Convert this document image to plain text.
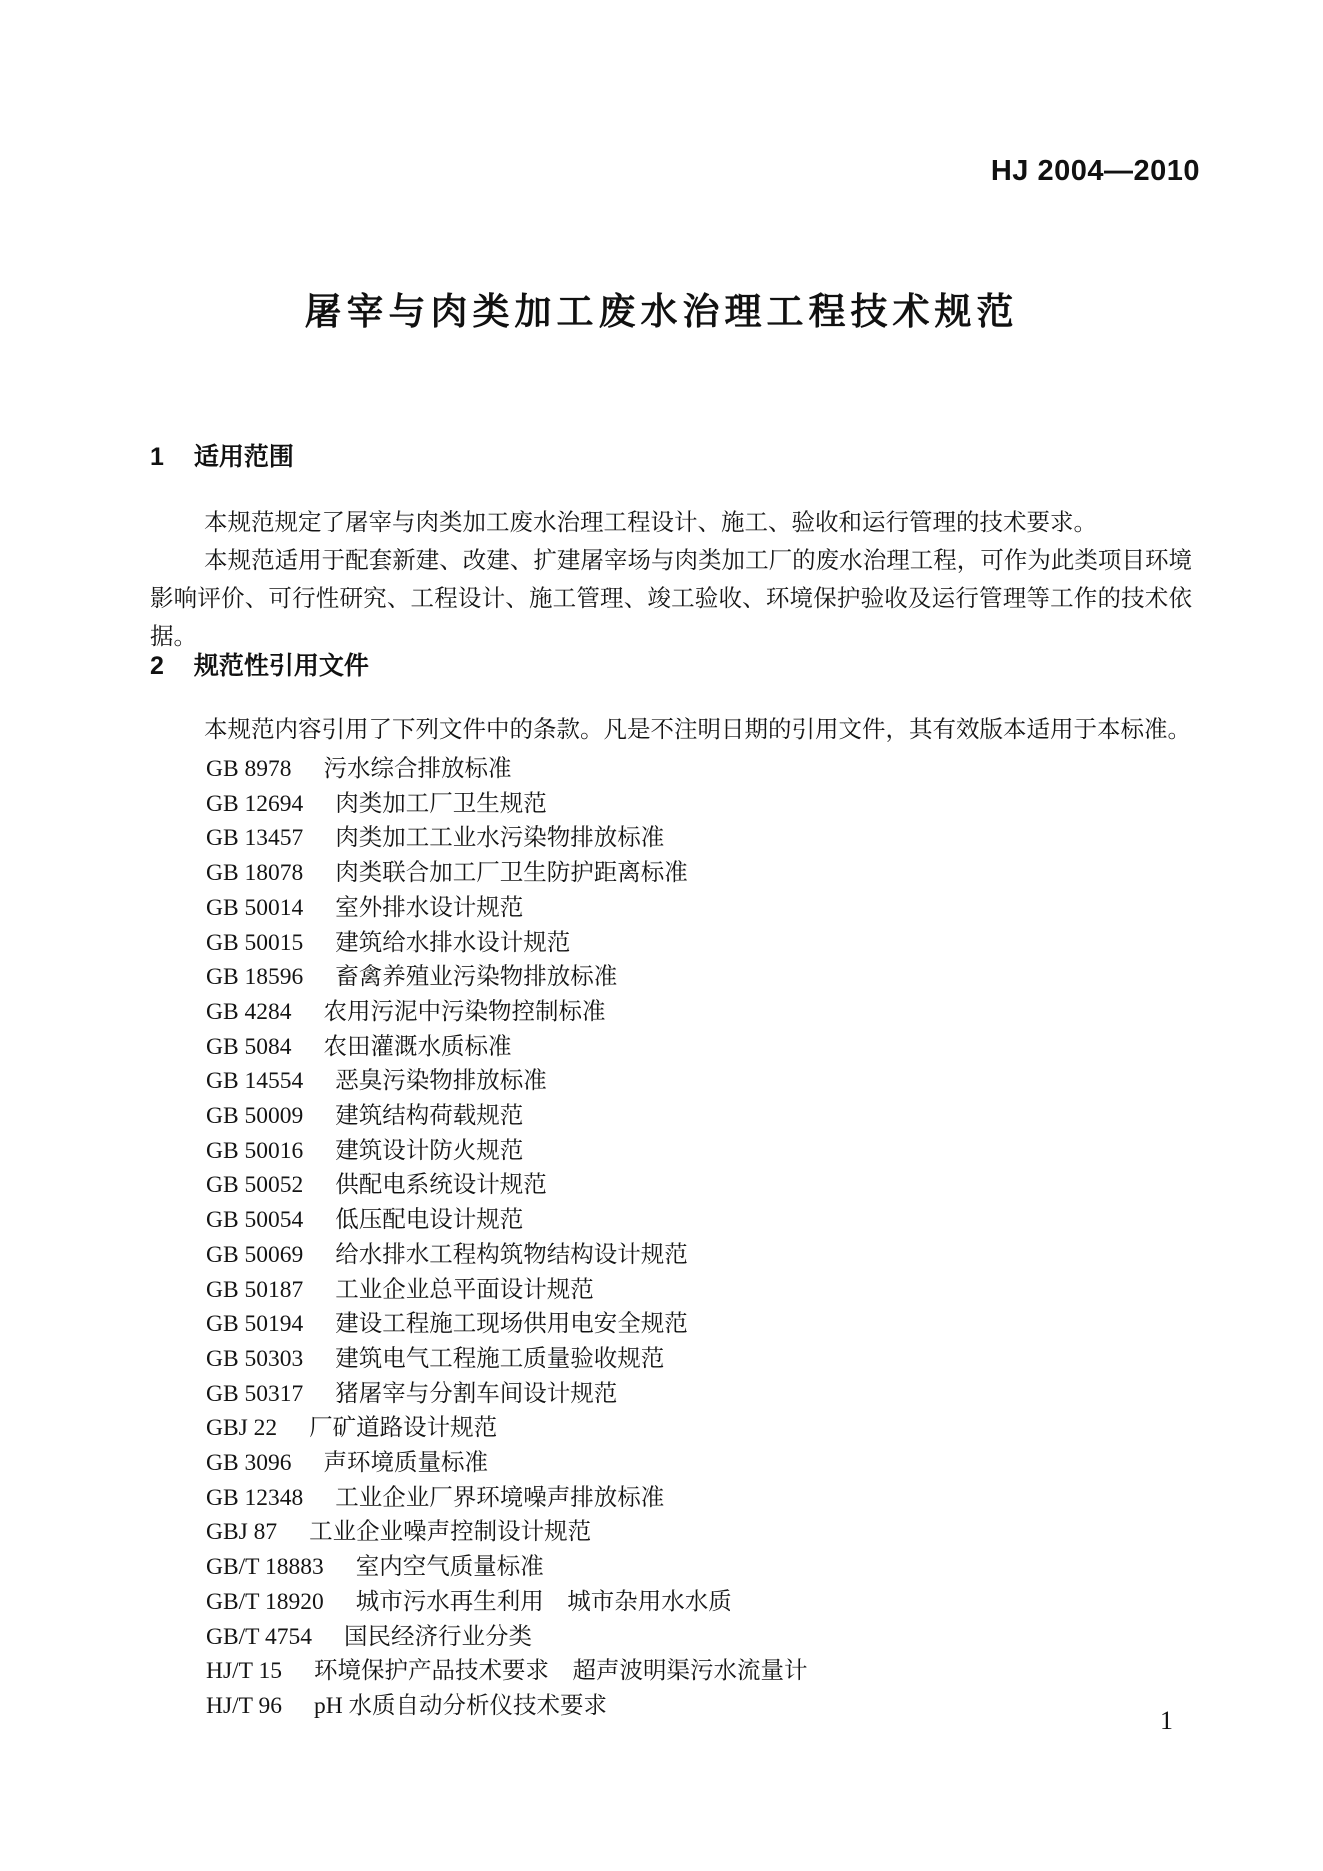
HJ 2004—2010
屠宰与肉类加工废水治理工程技术规范
1 适用范围

本规范规定了屠宰与肉类加工废水治理工程设计、施工、验收和运行管理的技术要求。

本规范适用于配套新建、改建、扩建屠宰场与肉类加工厂的废水治理工程，可作为此类项目环境影响评价、可行性研究、工程设计、施工管理、竣工验收、环境保护验收及运行管理等工作的技术依据。

2 规范性引用文件

本规范内容引用了下列文件中的条款。凡是不注明日期的引用文件，其有效版本适用于本标准。

GB 8978 污水综合排放标准
GB 12694 肉类加工厂卫生规范
GB 13457 肉类加工工业水污染物排放标准
GB 18078 肉类联合加工厂卫生防护距离标准
GB 50014 室外排水设计规范
GB 50015 建筑给水排水设计规范
GB 18596 畜禽养殖业污染物排放标准
GB 4284 农用污泥中污染物控制标准
GB 5084 农田灌溉水质标准
GB 14554 恶臭污染物排放标准
GB 50009 建筑结构荷载规范
GB 50016 建筑设计防火规范
GB 50052 供配电系统设计规范
GB 50054 低压配电设计规范
GB 50069 给水排水工程构筑物结构设计规范
GB 50187 工业企业总平面设计规范
GB 50194 建设工程施工现场供用电安全规范
GB 50303 建筑电气工程施工质量验收规范
GB 50317 猪屠宰与分割车间设计规范
GBJ 22 厂矿道路设计规范
GB 3096 声环境质量标准
GB 12348 工业企业厂界环境噪声排放标准
GBJ 87 工业企业噪声控制设计规范
GB/T 18883 室内空气质量标准
GB/T 18920 城市污水再生利用　城市杂用水水质
GB/T 4754 国民经济行业分类
HJ/T 15 环境保护产品技术要求　超声波明渠污水流量计
HJ/T 96 pH 水质自动分析仪技术要求
1
